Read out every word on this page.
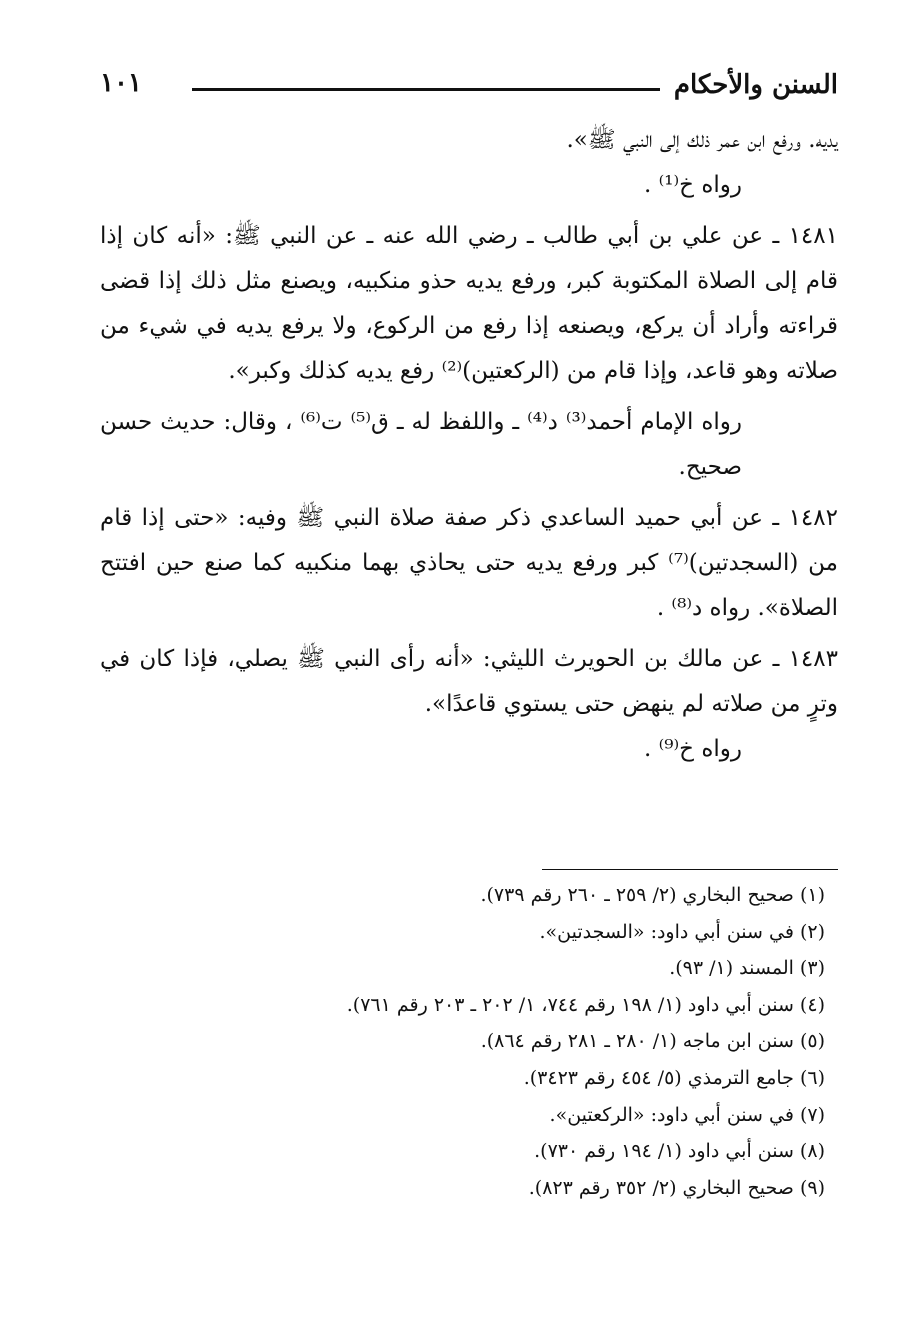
السنن والأحكام
١٠١

يديه. ورفع ابن عمر ذلك إلى النبي ﷺ».

رواه خ⁽¹⁾ .

١٤٨١ ـ عن علي بن أبي طالب ـ رضي الله عنه ـ عن النبي ﷺ: «أنه كان إذا قام إلى الصلاة المكتوبة كبر، ورفع يديه حذو منكبيه، ويصنع مثل ذلك إذا قضى قراءته وأراد أن يركع، ويصنعه إذا رفع من الركوع، ولا يرفع يديه في شيء من صلاته وهو قاعد، وإذا قام من (الركعتين)⁽²⁾ رفع يديه كذلك وكبر».

رواه الإمام أحمد⁽³⁾ د⁽⁴⁾ ـ واللفظ له ـ ق⁽⁵⁾ ت⁽⁶⁾ ، وقال: حديث حسن صحيح.

١٤٨٢ ـ عن أبي حميد الساعدي ذكر صفة صلاة النبي ﷺ وفيه: «حتى إذا قام من (السجدتين)⁽⁷⁾ كبر ورفع يديه حتى يحاذي بهما منكبيه كما صنع حين افتتح الصلاة». رواه د⁽⁸⁾ .

١٤٨٣ ـ عن مالك بن الحويرث الليثي: «أنه رأى النبي ﷺ يصلي، فإذا كان في وترٍ من صلاته لم ينهض حتى يستوي قاعدًا».

رواه خ⁽⁹⁾ .

(١) صحيح البخاري (٢/ ٢٥٩ ـ ٢٦٠ رقم ٧٣٩).
(٢) في سنن أبي داود: «السجدتين».
(٣) المسند (١/ ٩٣).
(٤) سنن أبي داود (١/ ١٩٨ رقم ٧٤٤، ١/ ٢٠٢ ـ ٢٠٣ رقم ٧٦١).
(٥) سنن ابن ماجه (١/ ٢٨٠ ـ ٢٨١ رقم ٨٦٤).
(٦) جامع الترمذي (٥/ ٤٥٤ رقم ٣٤٢٣).
(٧) في سنن أبي داود: «الركعتين».
(٨) سنن أبي داود (١/ ١٩٤ رقم ٧٣٠).
(٩) صحيح البخاري (٢/ ٣٥٢ رقم ٨٢٣).
